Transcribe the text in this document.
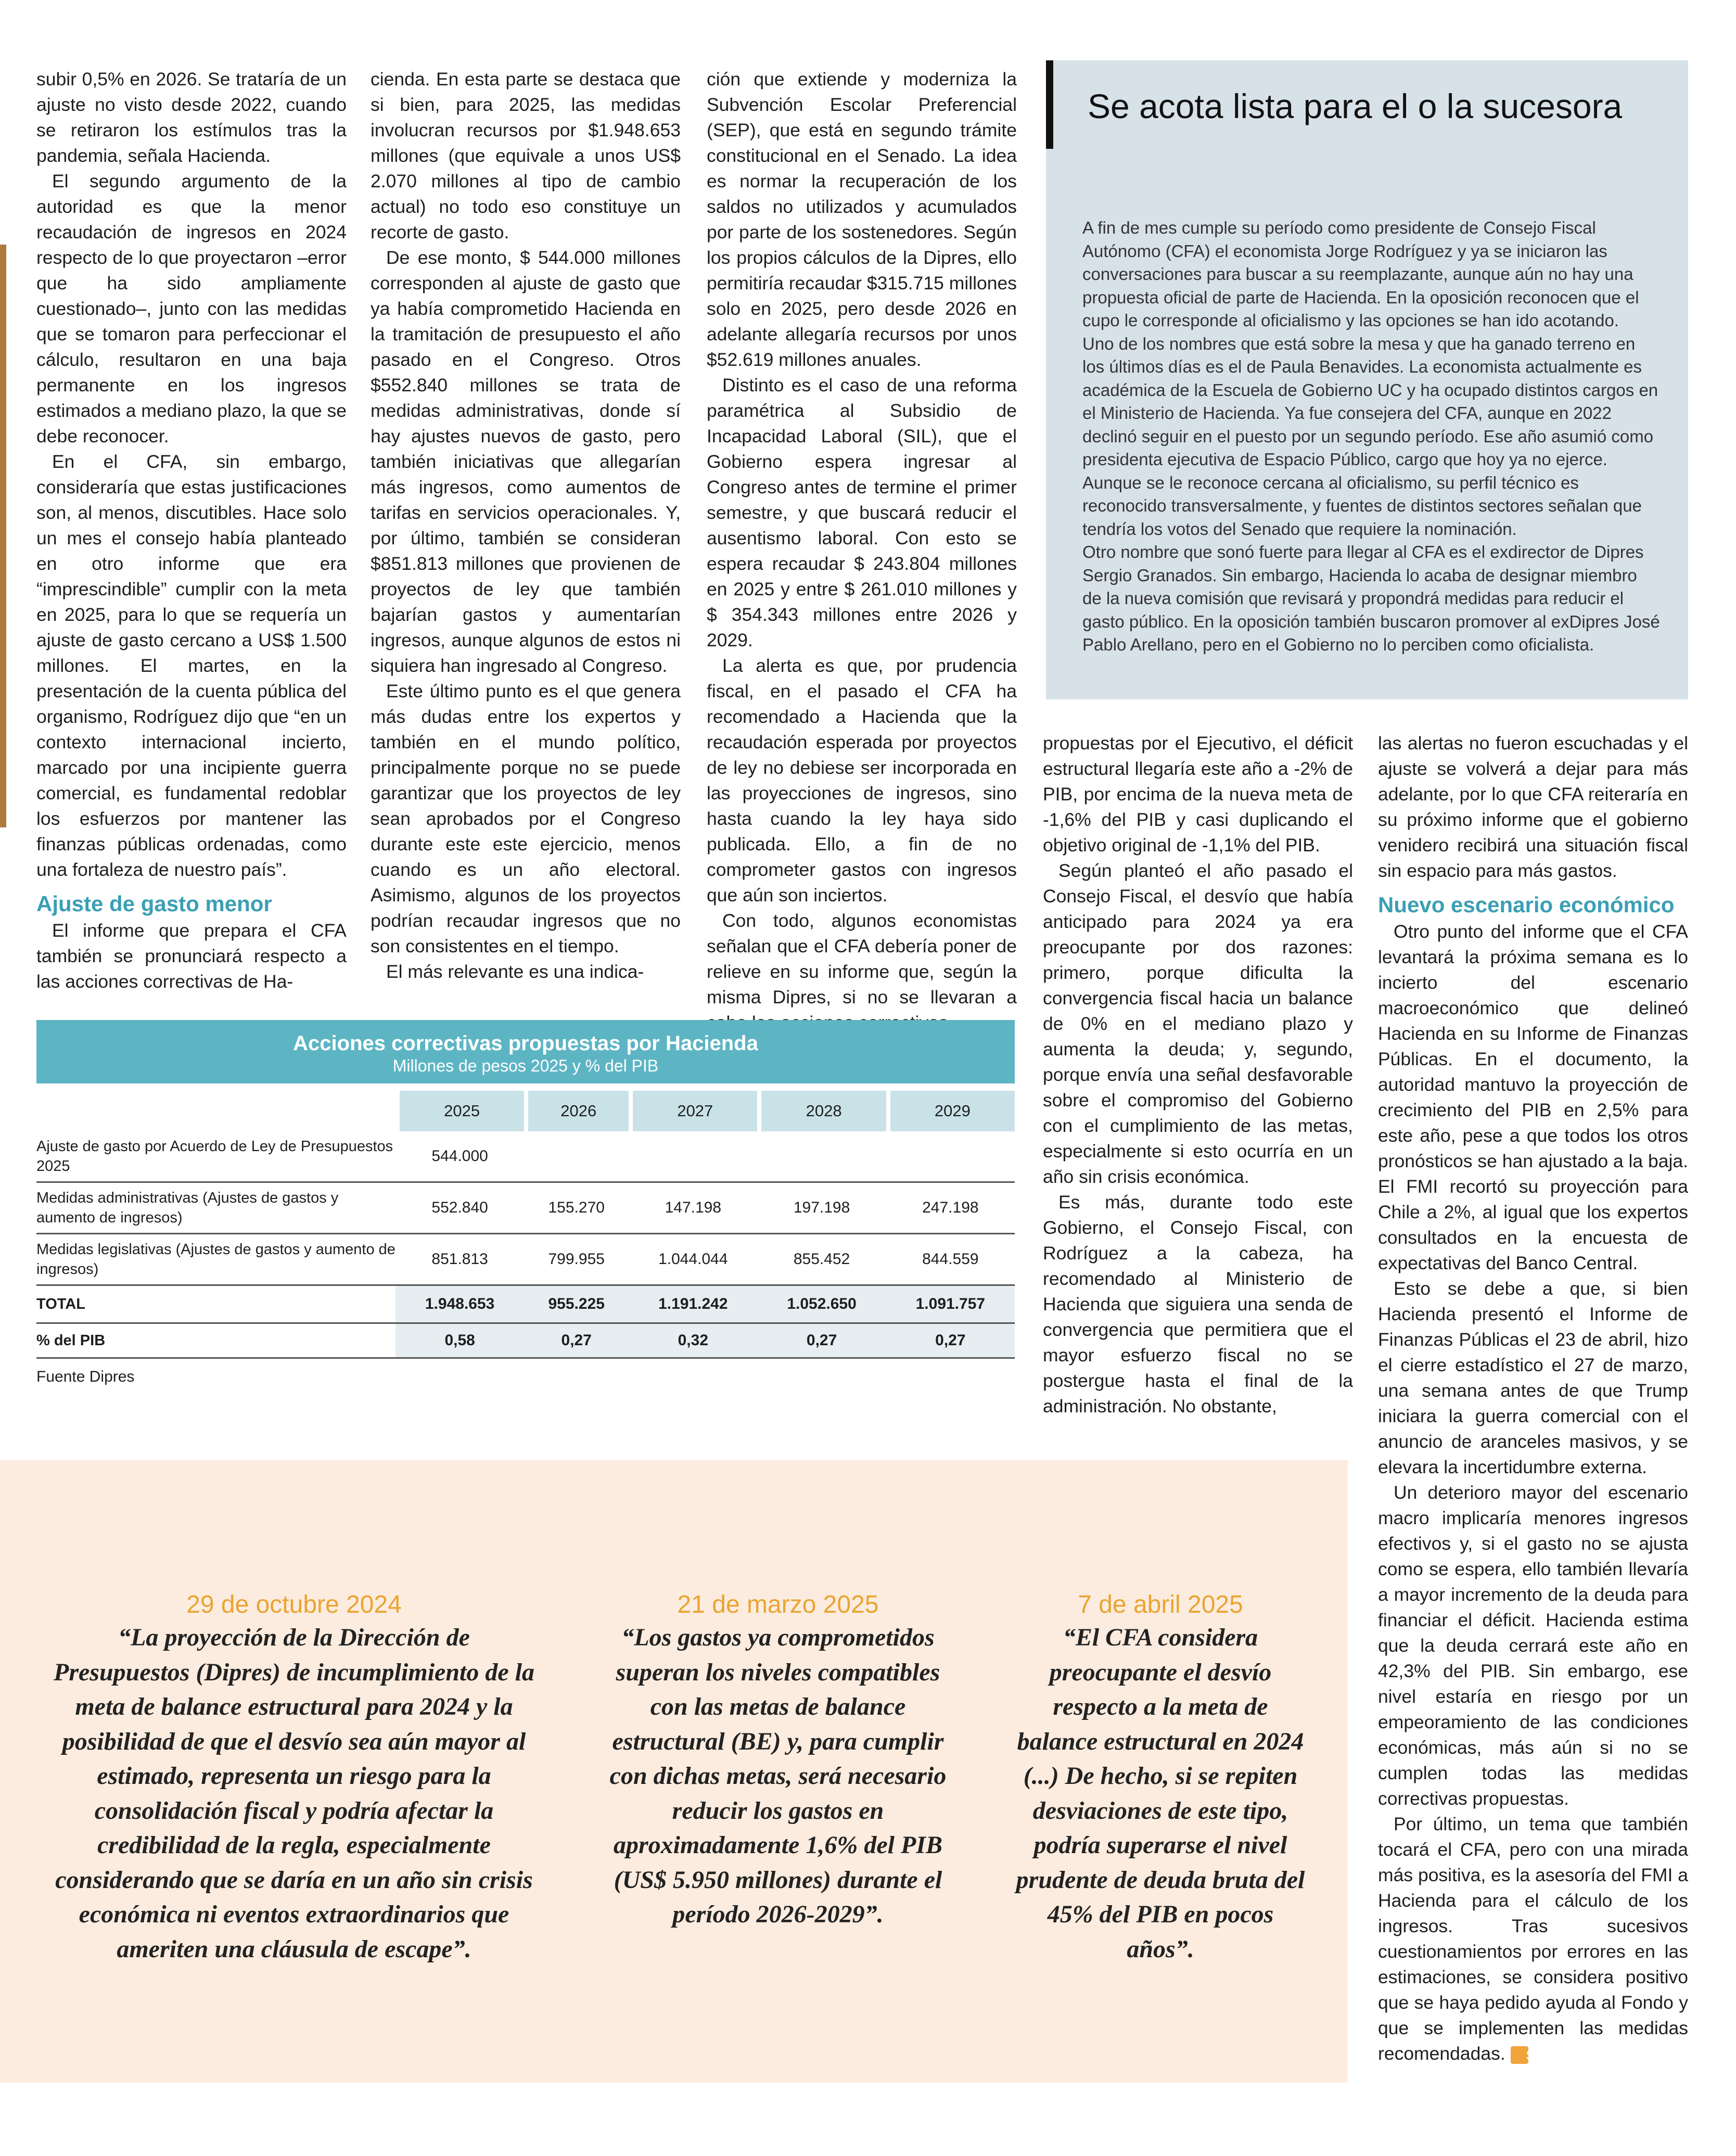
subir 0,5% en 2026. Se trataría de un ajuste no visto desde 2022, cuando se retiraron los estímulos tras la pandemia, señala Hacienda.

El segundo argumento de la autoridad es que la menor recaudación de ingresos en 2024 respecto de lo que proyectaron –error que ha sido ampliamente cuestionado–, junto con las medidas que se tomaron para perfeccionar el cálculo, resultaron en una baja permanente en los ingresos estimados a mediano plazo, la que se debe reconocer.

En el CFA, sin embargo, consideraría que estas justificaciones son, al menos, discutibles. Hace solo un mes el consejo había planteado en otro informe que era “imprescindible” cumplir con la meta en 2025, para lo que se requería un ajuste de gasto cercano a US$ 1.500 millones. El martes, en la presentación de la cuenta pública del organismo, Rodríguez dijo que “en un contexto internacional incierto, marcado por una incipiente guerra comercial, es fundamental redoblar los esfuerzos por mantener las finanzas públicas ordenadas, como una fortaleza de nuestro país”.

Ajuste de gasto menor

El informe que prepara el CFA también se pronunciará respecto a las acciones correctivas de Ha-

cienda. En esta parte se destaca que si bien, para 2025, las medidas involucran recursos por $1.948.653 millones (que equivale a unos US$ 2.070 millones al tipo de cambio actual) no todo eso constituye un recorte de gasto.

De ese monto, $ 544.000 millones corresponden al ajuste de gasto que ya había comprometido Hacienda en la tramitación de presupuesto el año pasado en el Congreso. Otros $552.840 millones se trata de medidas administrativas, donde sí hay ajustes nuevos de gasto, pero también iniciativas que allegarían más ingresos, como aumentos de tarifas en servicios operacionales. Y, por último, también se consideran $851.813 millones que provienen de proyectos de ley que también bajarían gastos y aumentarían ingresos, aunque algunos de estos ni siquiera han ingresado al Congreso.

Este último punto es el que genera más dudas entre los expertos y también en el mundo político, principalmente porque no se puede garantizar que los proyectos de ley sean aprobados por el Congreso durante este este ejercicio, menos cuando es un año electoral. Asimismo, algunos de los proyectos podrían recaudar ingresos que no son consistentes en el tiempo.

El más relevante es una indica-

ción que extiende y moderniza la Subvención Escolar Preferencial (SEP), que está en segundo trámite constitucional en el Senado. La idea es normar la recuperación de los saldos no utilizados y acumulados por parte de los sostenedores. Según los propios cálculos de la Dipres, ello permitiría recaudar $315.715 millones solo en 2025, pero desde 2026 en adelante allegaría recursos por unos $52.619 millones anuales.

Distinto es el caso de una reforma paramétrica al Subsidio de Incapacidad Laboral (SIL), que el Gobierno espera ingresar al Congreso antes de termine el primer semestre, y que buscará reducir el ausentismo laboral. Con esto se espera recaudar $ 243.804 millones en 2025 y entre $ 261.010 millones y $ 354.343 millones entre 2026 y 2029.

La alerta es que, por prudencia fiscal, en el pasado el CFA ha recomendado a Hacienda que la recaudación esperada por proyectos de ley no debiese ser incorporada en las proyecciones de ingresos, sino hasta cuando la ley haya sido publicada. Ello, a fin de no comprometer gastos con ingresos que aún son inciertos.

Con todo, algunos economistas señalan que el CFA debería poner de relieve en su informe que, según la misma Dipres, si no se llevaran a

Se acota lista para el o la sucesora

A fin de mes cumple su período como presidente de Consejo Fiscal Autónomo (CFA) el economista Jorge Rodríguez y ya se iniciaron las conversaciones para buscar a su reemplazante, aunque aún no hay una propuesta oficial de parte de Hacienda. En la oposición reconocen que el cupo le corresponde al oficialismo y las opciones se han ido acotando.

Uno de los nombres que está sobre la mesa y que ha ganado terreno en los últimos días es el de Paula Benavides. La economista actualmente es académica de la Escuela de Gobierno UC y ha ocupado distintos cargos en el Ministerio de Hacienda. Ya fue consejera del CFA, aunque en 2022 declinó seguir en el puesto por un segundo período. Ese año asumió como presidenta ejecutiva de Espacio Público, cargo que hoy ya no ejerce.

Aunque se le reconoce cercana al oficialismo, su perfil técnico es reconocido transversalmente, y fuentes de distintos sectores señalan que tendría los votos del Senado que requiere la nominación.

Otro nombre que sonó fuerte para llegar al CFA es el exdirector de Dipres Sergio Granados. Sin embargo, Hacienda lo acaba de designar miembro de la nueva comisión que revisará y propondrá medidas para reducir el gasto público. En la oposición también buscaron promover al exDipres José Pablo Arellano, pero en el Gobierno no lo perciben como oficialista.

propuestas por el Ejecutivo, el déficit estructural llegaría este año a -2% de PIB, por encima de la nueva meta de -1,6% del PIB y casi duplicando el objetivo original de -1,1% del PIB.

Según planteó el año pasado el Consejo Fiscal, el desvío que había anticipado para 2024 ya era preocupante por dos razones: primero, porque dificulta la convergencia fiscal hacia un balance de 0% en el mediano plazo y aumenta la deuda; y, segundo, porque envía una señal desfavorable sobre el compromiso del Gobierno con el cumplimiento de las metas, especialmente si esto ocurría en un año sin crisis económica.

Es más, durante todo este Gobierno, el Consejo Fiscal, con Rodríguez a la cabeza, ha recomendado al Ministerio de Hacienda que siguiera una senda de convergencia que permitiera que el mayor esfuerzo fiscal no se postergue hasta el final de la administración. No obstante,

las alertas no fueron escuchadas y el ajuste se volverá a dejar para más adelante, por lo que CFA reiteraría en su próximo informe que el gobierno venidero recibirá una situación fiscal sin espacio para más gastos.

Nuevo escenario económico

Otro punto del informe que el CFA levantará la próxima semana es lo incierto del escenario macroeconómico que delineó Hacienda en su Informe de Finanzas Públicas. En el documento, la autoridad mantuvo la proyección de crecimiento del PIB en 2,5% para este año, pese a que todos los otros pronósticos se han ajustado a la baja. El FMI recortó su proyección para Chile a 2%, al igual que los expertos consultados en la encuesta de expectativas del Banco Central.

Esto se debe a que, si bien Hacienda presentó el Informe de Finanzas Públicas el 23 de abril, hizo el cierre estadístico el 27 de marzo, una semana antes de que Trump iniciara la guerra comercial con el anuncio de aranceles masivos, y se elevara la incertidumbre externa.

Un deterioro mayor del escenario macro implicaría menores ingresos efectivos y, si el gasto no se ajusta como se espera, ello también llevaría a mayor incremento de la deuda para financiar el déficit. Hacienda estima que la deuda cerrará este año en 42,3% del PIB. Sin embargo, ese nivel estaría en riesgo por un empeoramiento de las condiciones económicas, más aún si no se cumplen todas las medidas correctivas propuestas.

Por último, un tema que también tocará el CFA, pero con una mirada más positiva, es la asesoría del FMI a Hacienda para el cálculo de los ingresos. Tras sucesivos cuestionamientos por errores en las estimaciones, se considera positivo que se haya pedido ayuda al Fondo y que se implementen las medidas recomendadas. S

Acciones correctivas propuestas por Hacienda
Millones de pesos 2025 y % del PIB
	2025	2026	2027	2028	2029
Ajuste de gasto por Acuerdo de Ley de Presupuestos 2025	544.000				
Medidas administrativas (Ajustes de gastos y aumento de ingresos)	552.840	155.270	147.198	197.198	247.198
Medidas legislativas (Ajustes de gastos y aumento de ingresos)	851.813	799.955	1.044.044	855.452	844.559
TOTAL	1.948.653	955.225	1.191.242	1.052.650	1.091.757
% del PIB	0,58	0,27	0,32	0,27	0,27
Fuente Dipres					
29 de octubre 2024
“La proyección de la Dirección de Presupuestos (Dipres) de incumplimiento de la meta de balance estructural para 2024 y la posibilidad de que el desvío sea aún mayor al estimado, representa un riesgo para la consolidación fiscal y podría afectar la credibilidad de la regla, especialmente considerando que se daría en un año sin crisis económica ni eventos extraordinarios que ameriten una cláusula de escape”.
21 de marzo 2025
“Los gastos ya comprometidos superan los niveles compatibles con las metas de balance estructural (BE) y, para cumplir con dichas metas, será necesario reducir los gastos en aproximadamente 1,6% del PIB (US$ 5.950 millones) durante el período 2026-2029”.
7 de abril 2025
“El CFA considera preocupante el desvío respecto a la meta de balance estructural en 2024 (...) De hecho, si se repiten desviaciones de este tipo, podría superarse el nivel prudente de deuda bruta del 45% del PIB en pocos años”.
